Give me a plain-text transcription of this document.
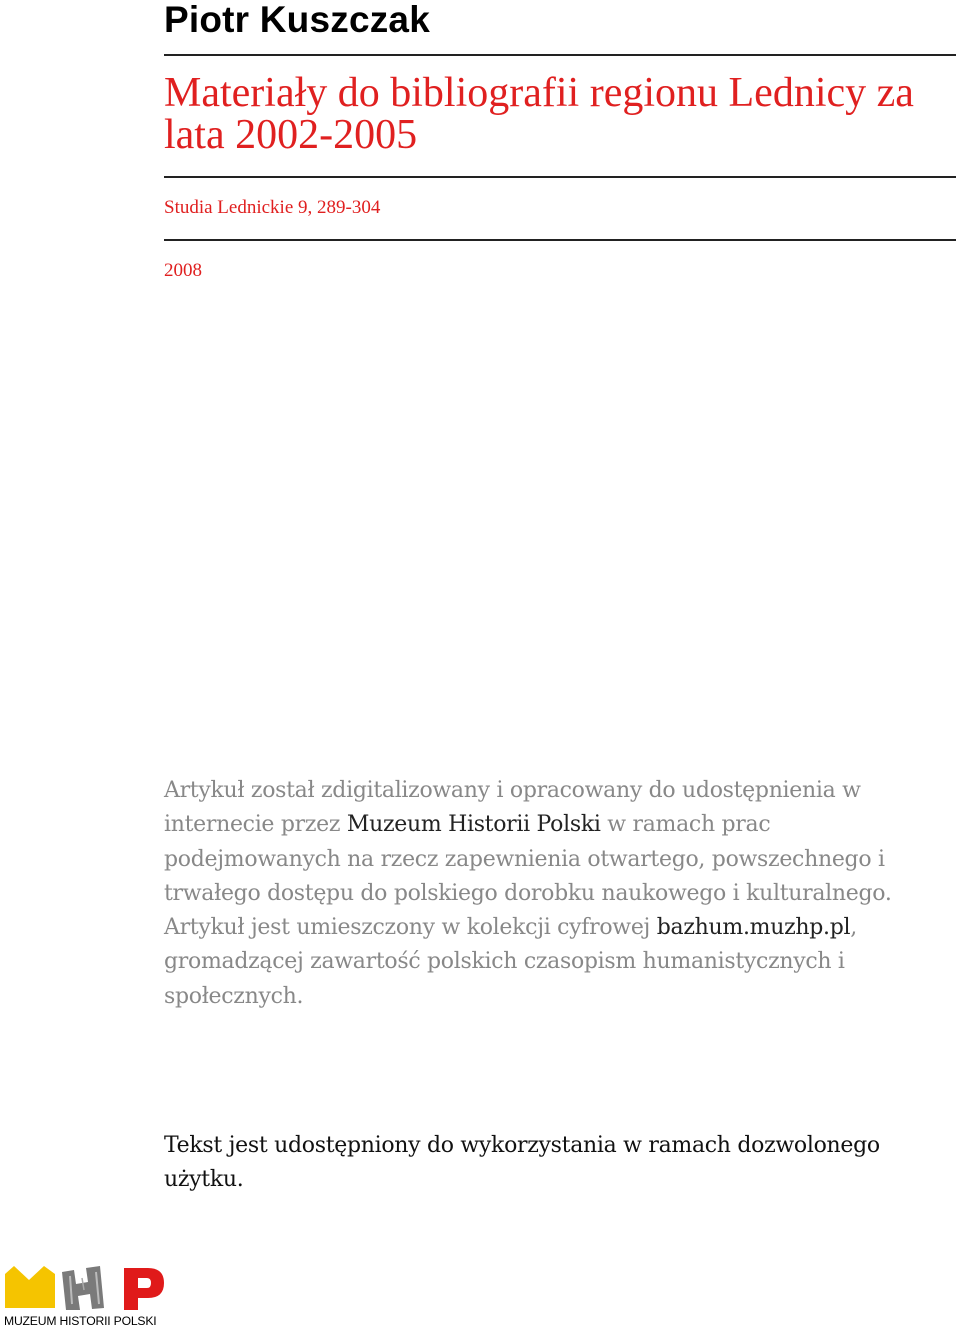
Piotr Kuszczak
Materiały do bibliografii regionu Lednicy za lata 2002-2005
Studia Lednickie 9, 289-304
2008

Artykuł został zdigitalizowany i opracowany do udostępnienia w internecie przez Muzeum Historii Polski w ramach prac podejmowanych na rzecz zapewnienia otwartego, powszechnego i trwałego dostępu do polskiego dorobku naukowego i kulturalnego. Artykuł jest umieszczony w kolekcji cyfrowej bazhum.muzhp.pl, gromadzącej zawartość polskich czasopism humanistycznych i społecznych.

Tekst jest udostępniony do wykorzystania w ramach dozwolonego użytku.

MUZEUM HISTORII POLSKI
